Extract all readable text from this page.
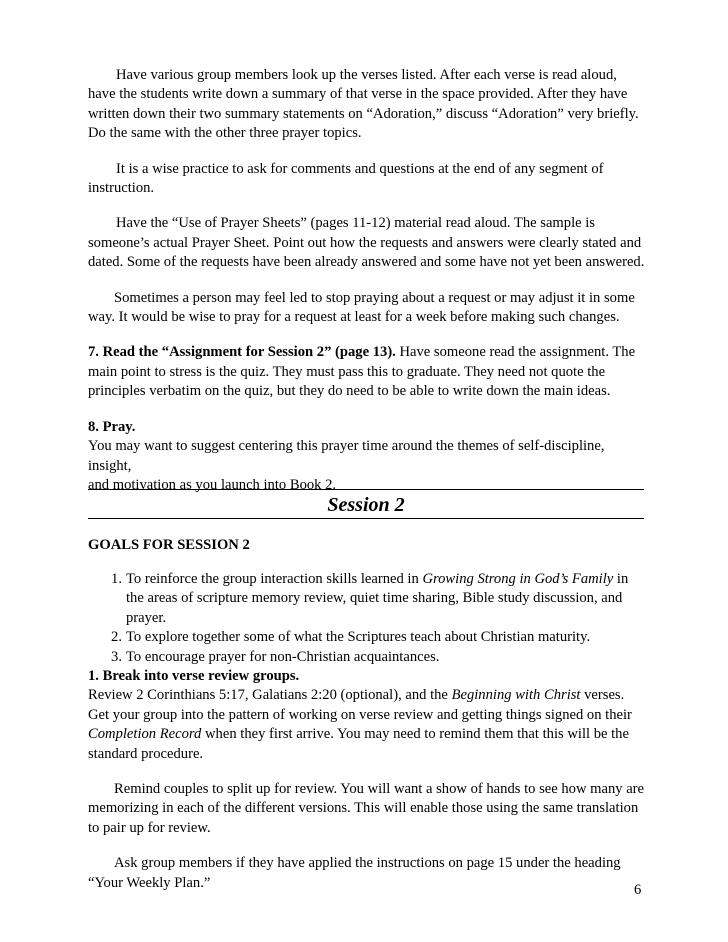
Have various group members look up the verses listed. After each verse is read aloud, have the students write down a summary of that verse in the space provided. After they have written down their two summary statements on “Adoration,” discuss “Adoration” very briefly. Do the same with the other three prayer topics.

It is a wise practice to ask for comments and questions at the end of any segment of instruction.

Have the “Use of Prayer Sheets” (pages 11-12) material read aloud. The sample is someone’s actual Prayer Sheet. Point out how the requests and answers were clearly stated and dated. Some of the requests have been already answered and some have not yet been answered.

Sometimes a person may feel led to stop praying about a request or may adjust it in some way. It would be wise to pray for a request at least for a week before making such changes.

7. Read the “Assignment for Session 2” (page 13). Have someone read the assignment. The main point to stress is the quiz. They must pass this to graduate. They need not quote the principles verbatim on the quiz, but they do need to be able to write down the main ideas.

8. Pray.

You may want to suggest centering this prayer time around the themes of self-discipline, insight,

and motivation as you launch into Book 2.

Session 2
GOALS FOR SESSION 2
1. To reinforce the group interaction skills learned in Growing Strong in God’s Family in the areas of scripture memory review, quiet time sharing, Bible study discussion, and prayer.
2. To explore together some of what the Scriptures teach about Christian maturity.
3. To encourage prayer for non-Christian acquaintances.

1. Break into verse review groups.

Review 2 Corinthians 5:17, Galatians 2:20 (optional), and the Beginning with Christ verses. Get your group into the pattern of working on verse review and getting things signed on their Completion Record when they first arrive. You may need to remind them that this will be the standard procedure.

Remind couples to split up for review. You will want a show of hands to see how many are memorizing in each of the different versions. This will enable those using the same translation to pair up for review.

Ask group members if they have applied the instructions on page 15 under the heading “Your Weekly Plan.”	6
